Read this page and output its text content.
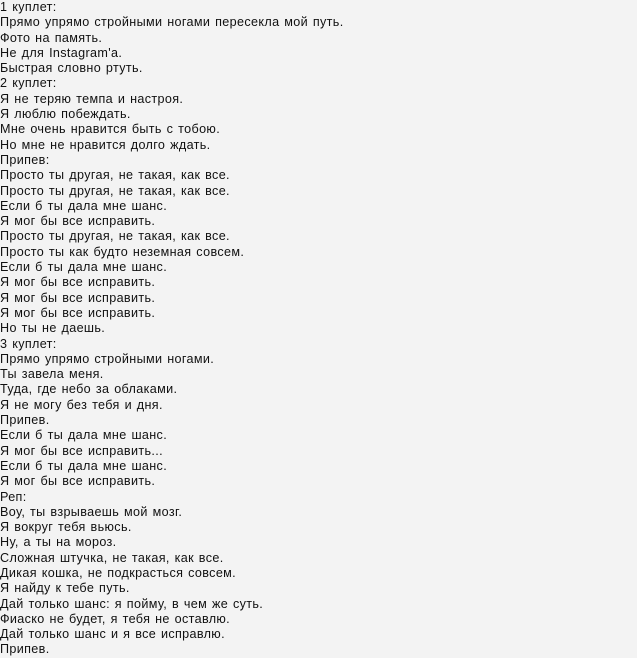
1 куплет:
Прямо упрямо стройными ногами пересекла мой путь.
Фото на память.
Не для Instagram'a.
Быстрая словно ртуть.
2 куплет:
Я не теряю темпа и настроя.
Я люблю побеждать.
Мне очень нравится быть с тобою.
Но мне не нравится долго ждать.
Припев:
Просто ты другая, не такая, как все.
Просто ты другая, не такая, как все.
Если б ты дала мне шанс.
Я мог бы все исправить.
Просто ты другая, не такая, как все.
Просто ты как будто неземная совсем.
Если б ты дала мне шанс.
Я мог бы все исправить.
Я мог бы все исправить.
Я мог бы все исправить.
Но ты не даешь.
3 куплет:
Прямо упрямо стройными ногами.
Ты завела меня.
Туда, где небо за облаками.
Я не могу без тебя и дня.
Припев.
Если б ты дала мне шанс.
Я мог бы все исправить...
Если б ты дала мне шанс.
Я мог бы все исправить.
Реп:
Воу, ты взрываешь мой мозг.
Я вокруг тебя вьюсь.
Ну, а ты на мороз.
Сложная штучка, не такая, как все.
Дикая кошка, не подкрасться совсем.
Я найду к тебе путь.
Дай только шанс: я пойму, в чем же суть.
Фиаско не будет, я тебя не оставлю.
Дай только шанс и я все исправлю.
Припев.
